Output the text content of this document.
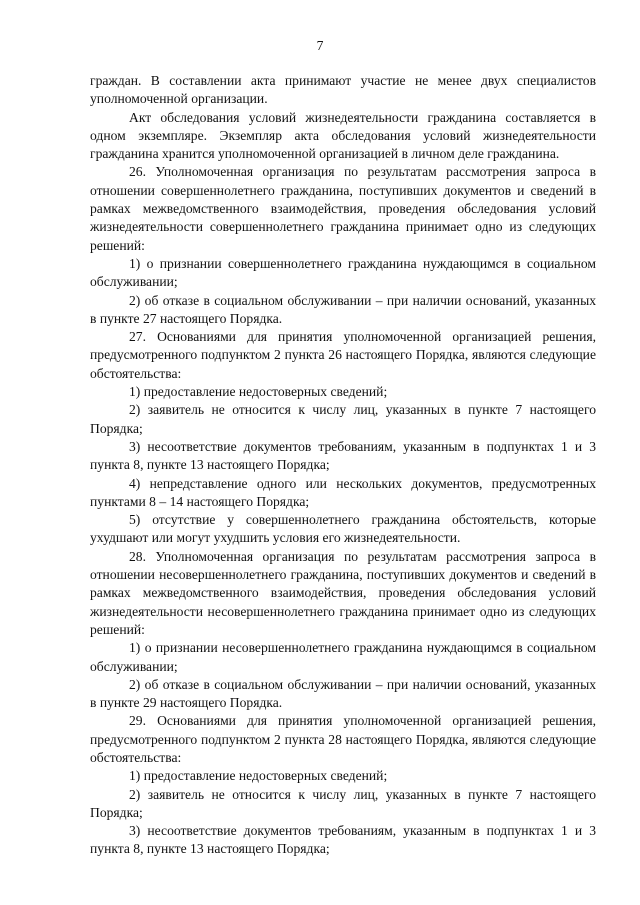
7

граждан. В составлении акта принимают участие не менее двух специалистов уполномоченной организации.

Акт обследования условий жизнедеятельности гражданина составляется в одном экземпляре. Экземпляр акта обследования условий жизнедеятельности гражданина хранится уполномоченной организацией в личном деле гражданина.

26. Уполномоченная организация по результатам рассмотрения запроса в отношении совершеннолетнего гражданина, поступивших документов и сведений в рамках межведомственного взаимодействия, проведения обследования условий жизнедеятельности совершеннолетнего гражданина принимает одно из следующих решений:

1) о признании совершеннолетнего гражданина нуждающимся в социальном обслуживании;

2) об отказе в социальном обслуживании – при наличии оснований, указанных в пункте 27 настоящего Порядка.

27. Основаниями для принятия уполномоченной организацией решения, предусмотренного подпунктом 2 пункта 26 настоящего Порядка, являются следующие обстоятельства:

1) предоставление недостоверных сведений;

2) заявитель не относится к числу лиц, указанных в пункте 7 настоящего Порядка;

3) несоответствие документов требованиям, указанным в подпунктах 1 и 3 пункта 8, пункте 13 настоящего Порядка;

4) непредставление одного или нескольких документов, предусмотренных пунктами 8 – 14 настоящего Порядка;

5) отсутствие у совершеннолетнего гражданина обстоятельств, которые ухудшают или могут ухудшить условия его жизнедеятельности.

28. Уполномоченная организация по результатам рассмотрения запроса в отношении несовершеннолетнего гражданина, поступивших документов и сведений в рамках межведомственного взаимодействия, проведения обследования условий жизнедеятельности несовершеннолетнего гражданина принимает одно из следующих решений:

1) о признании несовершеннолетнего гражданина нуждающимся в социальном обслуживании;

2) об отказе в социальном обслуживании – при наличии оснований, указанных в пункте 29 настоящего Порядка.

29. Основаниями для принятия уполномоченной организацией решения, предусмотренного подпунктом 2 пункта 28 настоящего Порядка, являются следующие обстоятельства:

1) предоставление недостоверных сведений;

2) заявитель не относится к числу лиц, указанных в пункте 7 настоящего Порядка;

3) несоответствие документов требованиям, указанным в подпунктах 1 и 3 пункта 8, пункте 13 настоящего Порядка;
